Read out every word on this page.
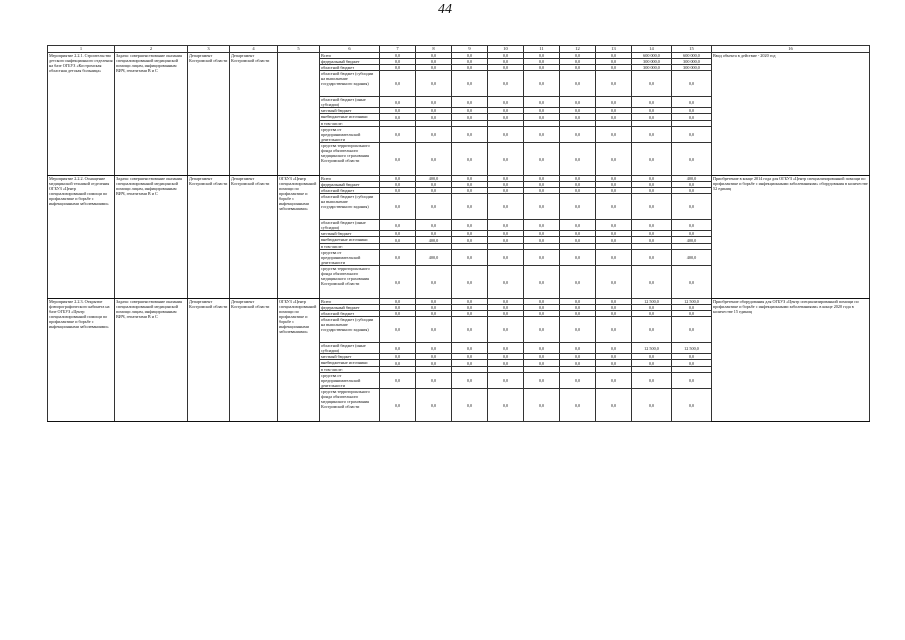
44
1	2	3	4	5	6	7	8	9	10	11	12	13	14	15	16
Мероприятие 2.2.1. Строительство детского инфекционного отделения на базе ОГБУЗ «Костромская областная детская больница»	Задача: совершенствование оказания специализированной медицинской помощи лицам, инфицированным ВИЧ, гепатитами B и C	Департамент Костромской области	Департамент Костромской области		Всего	0,0	0,0	0,0	0,0	0,0	0,0	0,0	600 000,0	600 000,0	Ввод объекта в действие - 2020 год
					федеральный бюджет	0,0	0,0	0,0	0,0	0,0	0,0	0,0	300 000,0	300 000,0	
					областной бюджет	0,0	0,0	0,0	0,0	0,0	0,0	0,0	300 000,0	300 000,0	
					областной бюджет (субсидии на выполнение государственного задания)	0,0	0,0	0,0	0,0	0,0	0,0	0,0	0,0	0,0	
					областной бюджет (иные субсидии)	0,0	0,0	0,0	0,0	0,0	0,0	0,0	0,0	0,0	
					местный бюджет	0,0	0,0	0,0	0,0	0,0	0,0	0,0	0,0	0,0	
					внебюджетные источники	0,0	0,0	0,0	0,0	0,0	0,0	0,0	0,0	0,0	
					в том числе:										
					средства от предпринимательской деятельности	0,0	0,0	0,0	0,0	0,0	0,0	0,0	0,0	0,0	
					средства территориального фонда обязательного медицинского страхования Костромской области	0,0	0,0	0,0	0,0	0,0	0,0	0,0	0,0	0,0	
Мероприятие 2.2.2. Оснащение медицинской техникой отделения ОГБУЗ «Центр специализированной помощи по профилактике и борьбе с инфекционными заболеваниями»	Задача: совершенствование оказания специализированной медицинской помощи лицам, инфицированным ВИЧ, гепатитами B и C	Департамент Костромской области	Департамент Костромской области	ОГБУЗ «Центр специализированной помощи по профилактике и борьбе с инфекционными заболеваниями»	Всего	0,0	400,0	0,0	0,0	0,0	0,0	0,0	0,0	400,0	Приобретение в конце 2014 года для ОГБУЗ «Центр специализированной помощи по профилактике и борьбе с инфекционными заболеваниями» оборудования в количестве 52 единиц
					федеральный бюджет	0,0	0,0	0,0	0,0	0,0	0,0	0,0	0,0	0,0	
					областной бюджет	0,0	0,0	0,0	0,0	0,0	0,0	0,0	0,0	0,0	
					областной бюджет (субсидии на выполнение государственного задания)	0,0	0,0	0,0	0,0	0,0	0,0	0,0	0,0	0,0	
					областной бюджет (иные субсидии)	0,0	0,0	0,0	0,0	0,0	0,0	0,0	0,0	0,0	
					местный бюджет	0,0	0,0	0,0	0,0	0,0	0,0	0,0	0,0	0,0	
					внебюджетные источники	0,0	400,0	0,0	0,0	0,0	0,0	0,0	0,0	400,0	
					в том числе:										
					средства от предпринимательской деятельности	0,0	400,0	0,0	0,0	0,0	0,0	0,0	0,0	400,0	
					средства территориального фонда обязательного медицинского страхования Костромской области	0,0	0,0	0,0	0,0	0,0	0,0	0,0	0,0	0,0	
Мероприятие 2.2.3. Открытие флюорографического кабинета на базе ОГБУЗ «Центр специализированной помощи по профилактике и борьбе с инфекционными заболеваниями»	Задача: совершенствование оказания специализированной медицинской помощи лицам, инфицированным ВИЧ, гепатитами B и C	Департамент Костромской области	Департамент Костромской области	ОГБУЗ «Центр специализированной помощи по профилактике и борьбе с инфекционными заболеваниями»	Всего	0,0	0,0	0,0	0,0	0,0	0,0	0,0	12 500,0	12 500,0	Приобретение оборудования для ОГБУЗ «Центр специализированной помощи по профилактике и борьбе с инфекционными заболеваниями» в конце 2020 года в количестве 15 единиц
					федеральный бюджет	0,0	0,0	0,0	0,0	0,0	0,0	0,0	0,0	0,0	
					областной бюджет	0,0	0,0	0,0	0,0	0,0	0,0	0,0	0,0	0,0	
					областной бюджет (субсидии на выполнение государственного задания)	0,0	0,0	0,0	0,0	0,0	0,0	0,0	0,0	0,0	
					областной бюджет (иные субсидии)	0,0	0,0	0,0	0,0	0,0	0,0	0,0	12 500,0	12 500,0	
					местный бюджет	0,0	0,0	0,0	0,0	0,0	0,0	0,0	0,0	0,0	
					внебюджетные источники	0,0	0,0	0,0	0,0	0,0	0,0	0,0	0,0	0,0	
					в том числе:										
					средства от предпринимательской деятельности	0,0	0,0	0,0	0,0	0,0	0,0	0,0	0,0	0,0	
					средства территориального фонда обязательного медицинского страхования Костромской области	0,0	0,0	0,0	0,0	0,0	0,0	0,0	0,0	0,0	
